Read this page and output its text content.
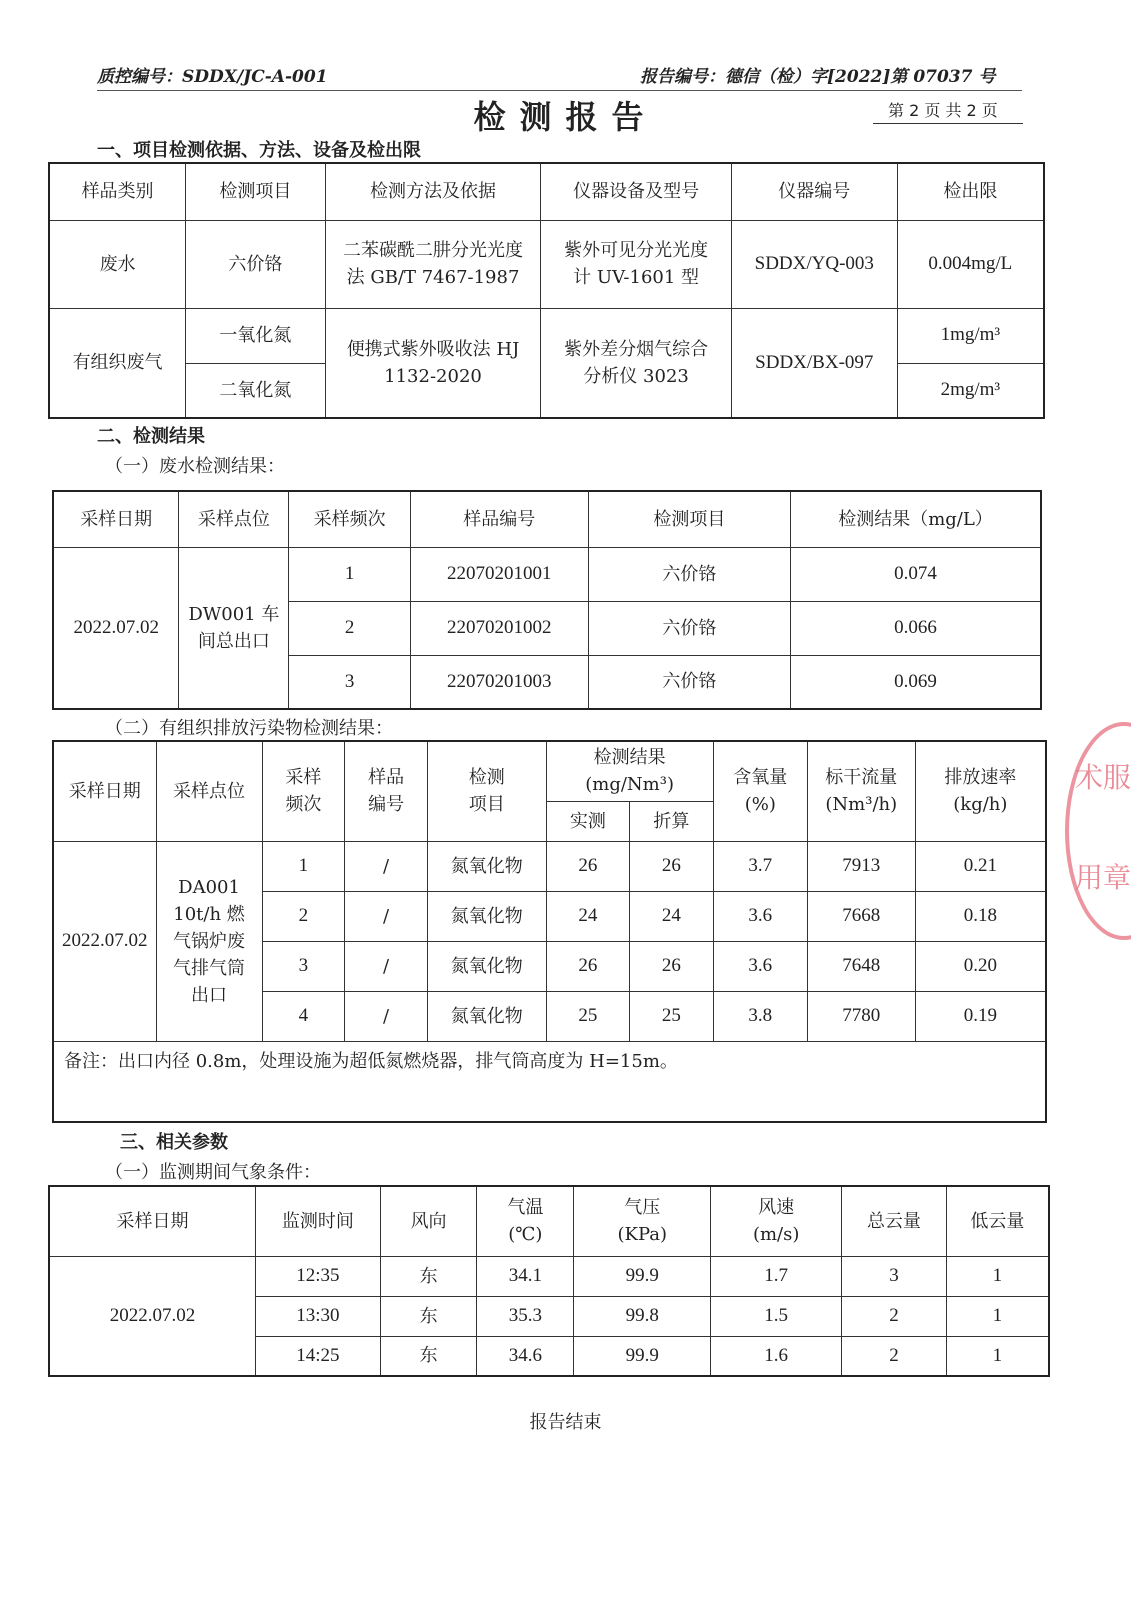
质控编号：SDDX/JC-A-001	报告编号：德信（检）字[2022]第 07037 号
检测报告	第 2 页 共 2 页
一、项目检测依据、方法、设备及检出限
样品类别	检测项目	检测方法及依据	仪器设备及型号	仪器编号	检出限
废水	六价铬	二苯碳酰二肼分光光度法 GB/T 7467-1987	紫外可见分光光度计 UV-1601 型	SDDX/YQ-003	0.004mg/L
有组织废气	一氧化氮	便携式紫外吸收法 HJ 1132-2020	紫外差分烟气综合分析仪 3023	SDDX/BX-097	1mg/m³
	二氧化氮				2mg/m³
二、检测结果
（一）废水检测结果：
采样日期	采样点位	采样频次	样品编号	检测项目	检测结果（mg/L）
2022.07.02	DW001 车间总出口	1	22070201001	六价铬	0.074
		2	22070201002	六价铬	0.066
		3	22070201003	六价铬	0.069
（二）有组织排放污染物检测结果：
采样日期	采样点位	采样频次	样品编号	检测项目	检测结果(mg/Nm³)		含氧量(%)	标干流量(Nm³/h)	排放速率(kg/h)
					实测	折算			
2022.07.02	DA001 10t/h 燃气锅炉废气排气筒出口	1	/	氮氧化物	26	26	3.7	7913	0.21
		2	/	氮氧化物	24	24	3.6	7668	0.18
		3	/	氮氧化物	26	26	3.6	7648	0.20
		4	/	氮氧化物	25	25	3.8	7780	0.19
备注：出口内径 0.8m，处理设施为超低氮燃烧器，排气筒高度为 H=15m。									
三、相关参数
（一）监测期间气象条件：
采样日期	监测时间	风向	气温(℃)	气压(KPa)	风速(m/s)	总云量	低云量
2022.07.02	12:35	东	34.1	99.9	1.7	3	1
	13:30	东	35.3	99.8	1.5	2	1
	14:25	东	34.6	99.9	1.6	2	1
报告结束
术服
用章
